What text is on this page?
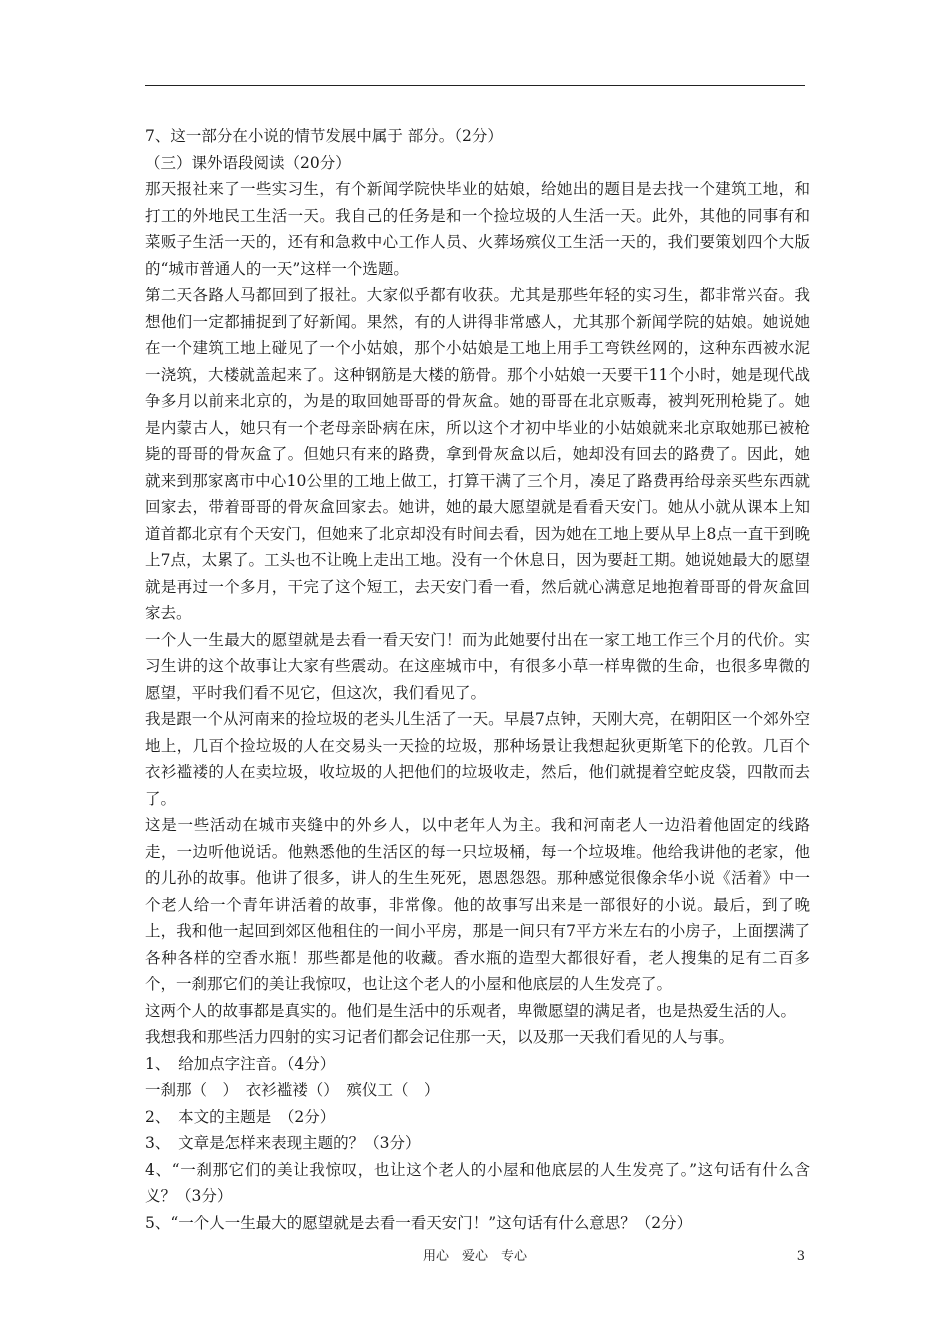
7、这一部分在小说的情节发展中属于 部分。（2分）

（三）课外语段阅读（20分）

那天报社来了一些实习生，有个新闻学院快毕业的姑娘，给她出的题目是去找一个建筑工地，和打工的外地民工生活一天。我自己的任务是和一个捡垃圾的人生活一天。此外，其他的同事有和菜贩子生活一天的，还有和急救中心工作人员、火葬场殡仪工生活一天的，我们要策划四个大版的“城市普通人的一天”这样一个选题。

第二天各路人马都回到了报社。大家似乎都有收获。尤其是那些年轻的实习生，都非常兴奋。我想他们一定都捕捉到了好新闻。果然，有的人讲得非常感人，尤其那个新闻学院的姑娘。她说她在一个建筑工地上碰见了一个小姑娘，那个小姑娘是工地上用手工弯铁丝网的，这种东西被水泥一浇筑，大楼就盖起来了。这种钢筋是大楼的筋骨。那个小姑娘一天要干11个小时，她是现代战争多月以前来北京的，为是的取回她哥哥的骨灰盒。她的哥哥在北京贩毒，被判死刑枪毙了。她是内蒙古人，她只有一个老母亲卧病在床，所以这个才初中毕业的小姑娘就来北京取她那已被枪毙的哥哥的骨灰盒了。但她只有来的路费，拿到骨灰盒以后，她却没有回去的路费了。因此，她就来到那家离市中心10公里的工地上做工，打算干满了三个月，凑足了路费再给母亲买些东西就回家去，带着哥哥的骨灰盒回家去。她讲，她的最大愿望就是看看天安门。她从小就从课本上知道首都北京有个天安门，但她来了北京却没有时间去看，因为她在工地上要从早上8点一直干到晚上7点，太累了。工头也不让晚上走出工地。没有一个休息日，因为要赶工期。她说她最大的愿望就是再过一个多月，干完了这个短工，去天安门看一看，然后就心满意足地抱着哥哥的骨灰盒回家去。

一个人一生最大的愿望就是去看一看天安门！而为此她要付出在一家工地工作三个月的代价。实习生讲的这个故事让大家有些震动。在这座城市中，有很多小草一样卑微的生命，也很多卑微的愿望，平时我们看不见它，但这次，我们看见了。

我是跟一个从河南来的捡垃圾的老头儿生活了一天。早晨7点钟，天刚大亮，在朝阳区一个郊外空地上，几百个捡垃圾的人在交易头一天捡的垃圾，那种场景让我想起狄更斯笔下的伦敦。几百个衣衫褴褛的人在卖垃圾，收垃圾的人把他们的垃圾收走，然后，他们就提着空蛇皮袋，四散而去了。

这是一些活动在城市夹缝中的外乡人，以中老年人为主。我和河南老人一边沿着他固定的线路走，一边听他说话。他熟悉他的生活区的每一只垃圾桶，每一个垃圾堆。他给我讲他的老家，他的儿孙的故事。他讲了很多，讲人的生生死死，恩恩怨怨。那种感觉很像余华小说《活着》中一个老人给一个青年讲活着的故事，非常像。他的故事写出来是一部很好的小说。最后，到了晚上，我和他一起回到郊区他租住的一间小平房，那是一间只有7平方米左右的小房子，上面摆满了各种各样的空香水瓶！那些都是他的收藏。香水瓶的造型大都很好看，老人搜集的足有二百多个，一刹那它们的美让我惊叹，也让这个老人的小屋和他底层的人生发亮了。

这两个人的故事都是真实的。他们是生活中的乐观者，卑微愿望的满足者，也是热爱生活的人。

我想我和那些活力四射的实习记者们都会记住那一天，以及那一天我们看见的人与事。

1、　给加点字注音。（4分）

一刹那（　）　衣衫褴褛（）　殡仪工（　）

2、　本文的主题是　（2分）

3、　文章是怎样来表现主题的？（3分）

4、“一刹那它们的美让我惊叹，也让这个老人的小屋和他底层的人生发亮了。”这句话有什么含义？（3分）

5、“一个人一生最大的愿望就是去看一看天安门！”这句话有什么意思？（2分）

用心　爱心　专心	3
